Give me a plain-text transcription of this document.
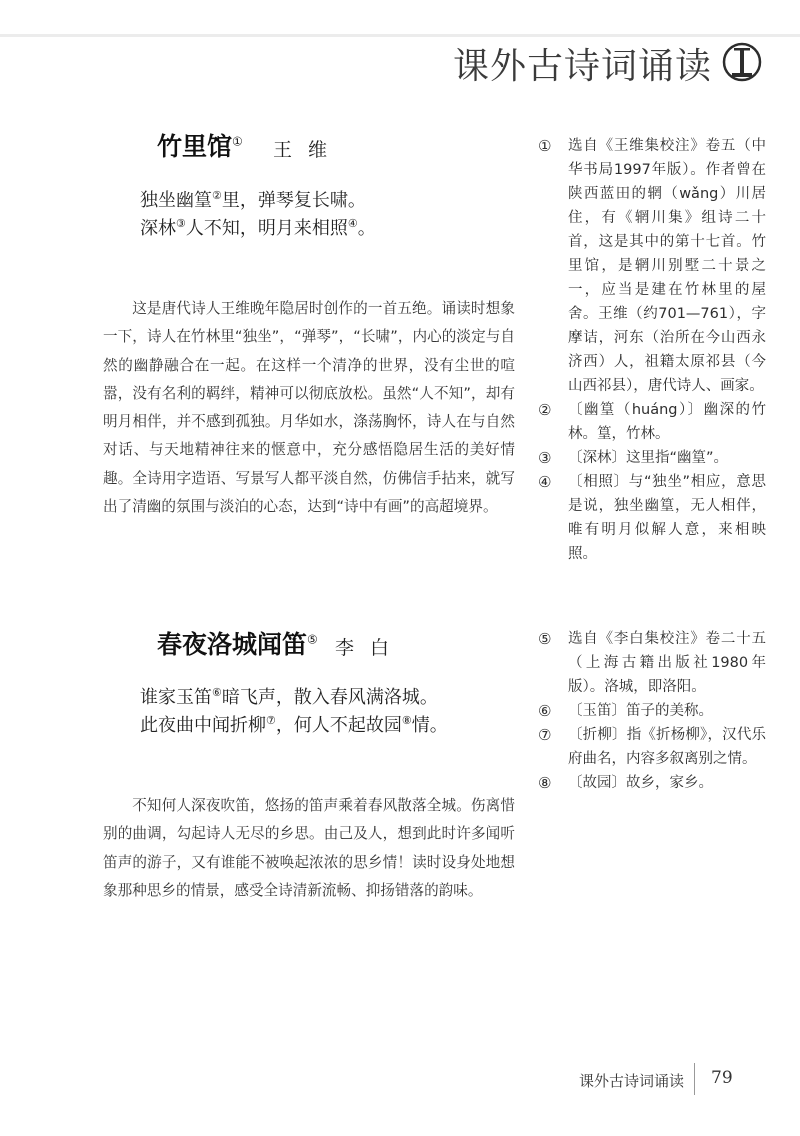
课外古诗词诵读
竹里馆① 王维
独坐幽篁②里，弹琴复长啸。
深林③人不知，明月来相照④。

这是唐代诗人王维晚年隐居时创作的一首五绝。诵读时想象一下，诗人在竹林里“独坐”，“弹琴”，“长啸”，内心的淡定与自然的幽静融合在一起。在这样一个清净的世界，没有尘世的喧嚣，没有名利的羁绊，精神可以彻底放松。虽然“人不知”，却有明月相伴，并不感到孤独。月华如水，涤荡胸怀，诗人在与自然对话、与天地精神往来的惬意中，充分感悟隐居生活的美好情趣。全诗用字造语、写景写人都平淡自然，仿佛信手拈来，就写出了清幽的氛围与淡泊的心态，达到“诗中有画”的高超境界。

①	选自《王维集校注》卷五（中华书局1997年版）。作者曾在陕西蓝田的辋（wǎng）川居住，有《辋川集》组诗二十首，这是其中的第十七首。竹里馆，是辋川别墅二十景之一，应当是建在竹林里的屋舍。王维（约701—761），字摩诘，河东（治所在今山西永济西）人，祖籍太原祁县（今山西祁县），唐代诗人、画家。
②	〔幽篁（huáng）〕幽深的竹林。篁，竹林。
③	〔深林〕这里指“幽篁”。
④	〔相照〕与“独坐”相应，意思是说，独坐幽篁，无人相伴，唯有明月似解人意，来相映照。
春夜洛城闻笛⑤ 李白
谁家玉笛⑥暗飞声，散入春风满洛城。
此夜曲中闻折柳⑦，何人不起故园⑧情。

不知何人深夜吹笛，悠扬的笛声乘着春风散落全城。伤离惜别的曲调，勾起诗人无尽的乡思。由己及人，想到此时许多闻听笛声的游子，又有谁能不被唤起浓浓的思乡情！读时设身处地想象那种思乡的情景，感受全诗清新流畅、抑扬错落的韵味。

⑤	选自《李白集校注》卷二十五（上海古籍出版社1980年版）。洛城，即洛阳。
⑥	〔玉笛〕笛子的美称。
⑦	〔折柳〕指《折杨柳》，汉代乐府曲名，内容多叙离别之情。
⑧	〔故园〕故乡，家乡。
课外古诗词诵读 79
